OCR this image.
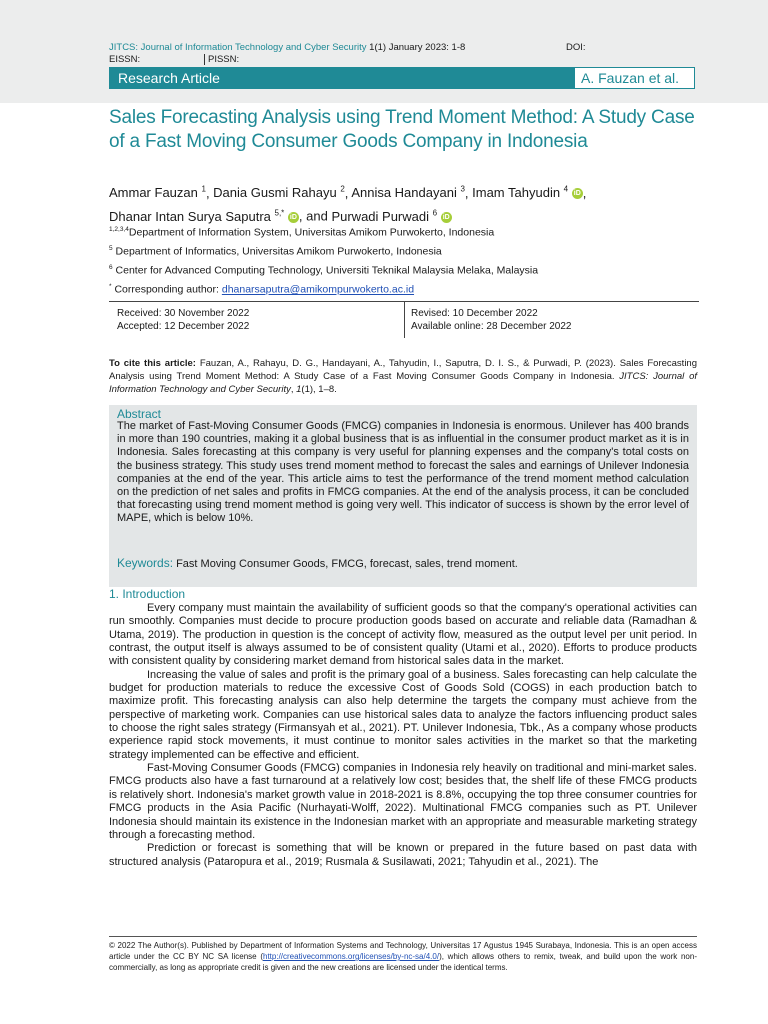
JITCS: Journal of Information Technology and Cyber Security 1(1) January 2023: 1-8	DOI:
EISSN:	PISSN:
Research Article	A. Fauzan et al.
Sales Forecasting Analysis using Trend Moment Method: A Study Case of a Fast Moving Consumer Goods Company in Indonesia
Ammar Fauzan $^1$, Dania Gusmi Rahayu $^2$, Annisa Handayani $^3$, Imam Tahyudin $^4$ iD ,
Dhanar Intan Surya Saputra $^{5,*}$ iD , and Purwadi Purwadi $^6$ iD
$^{1,2,3,4}$Department of Information System, Universitas Amikom Purwokerto, Indonesia
$^5$ Department of Informatics, Universitas Amikom Purwokerto, Indonesia
$^6$ Center for Advanced Computing Technology, Universiti Teknikal Malaysia Melaka, Malaysia
* Corresponding author: dhanarsaputra@amikompurwokerto.ac.id
Received: 30 November 2022
Accepted: 12 December 2022
Revised: 10 December 2022
Available online: 28 December 2022
To cite this article: Fauzan, A., Rahayu, D. G., Handayani, A., Tahyudin, I., Saputra, D. I. S., & Purwadi, P. (2023). Sales Forecasting Analysis using Trend Moment Method: A Study Case of a Fast Moving Consumer Goods Company in Indonesia. JITCS: Journal of Information Technology and Cyber Security, 1(1), 1–8.
Abstract
The market of Fast-Moving Consumer Goods (FMCG) companies in Indonesia is enormous. Unilever has 400 brands in more than 190 countries, making it a global business that is as influential in the consumer product market as it is in Indonesia. Sales forecasting at this company is very useful for planning expenses and the company's total costs on the business strategy. This study uses trend moment method to forecast the sales and earnings of Unilever Indonesia companies at the end of the year. This article aims to test the performance of the trend moment method calculation on the prediction of net sales and profits in FMCG companies. At the end of the analysis process, it can be concluded that forecasting using trend moment method is going very well. This indicator of success is shown by the error level of MAPE, which is below 10%.
Keywords: Fast Moving Consumer Goods, FMCG, forecast, sales, trend moment.
1. Introduction

Every company must maintain the availability of sufficient goods so that the company's operational activities can run smoothly. Companies must decide to procure production goods based on accurate and reliable data (Ramadhan & Utama, 2019). The production in question is the concept of activity flow, measured as the output level per unit period. In contrast, the output itself is always assumed to be of consistent quality (Utami et al., 2020). Efforts to produce products with consistent quality by considering market demand from historical sales data in the market.

Increasing the value of sales and profit is the primary goal of a business. Sales forecasting can help calculate the budget for production materials to reduce the excessive Cost of Goods Sold (COGS) in each production batch to maximize profit. This forecasting analysis can also help determine the targets the company must achieve from the perspective of marketing work. Companies can use historical sales data to analyze the factors influencing product sales to choose the right sales strategy (Firmansyah et al., 2021). PT. Unilever Indonesia, Tbk., As a company whose products experience rapid stock movements, it must continue to monitor sales activities in the market so that the marketing strategy implemented can be effective and efficient.

Fast-Moving Consumer Goods (FMCG) companies in Indonesia rely heavily on traditional and mini-market sales. FMCG products also have a fast turnaround at a relatively low cost; besides that, the shelf life of these FMCG products is relatively short. Indonesia's market growth value in 2018-2021 is 8.8%, occupying the top three consumer countries for FMCG products in the Asia Pacific (Nurhayati-Wolff, 2022). Multinational FMCG companies such as PT. Unilever Indonesia should maintain its existence in the Indonesian market with an appropriate and measurable marketing strategy through a forecasting method.

Prediction or forecast is something that will be known or prepared in the future based on past data with structured analysis (Pataropura et al., 2019; Rusmala & Susilawati, 2021; Tahyudin et al., 2021). The

© 2022 The Author(s). Published by Department of Information Systems and Technology, Universitas 17 Agustus 1945 Surabaya, Indonesia. This is an open access article under the CC BY NC SA license (http://creativecommons.org/licenses/by-nc-sa/4.0/), which allows others to remix, tweak, and build upon the work non-commercially, as long as appropriate credit is given and the new creations are licensed under the identical terms.
